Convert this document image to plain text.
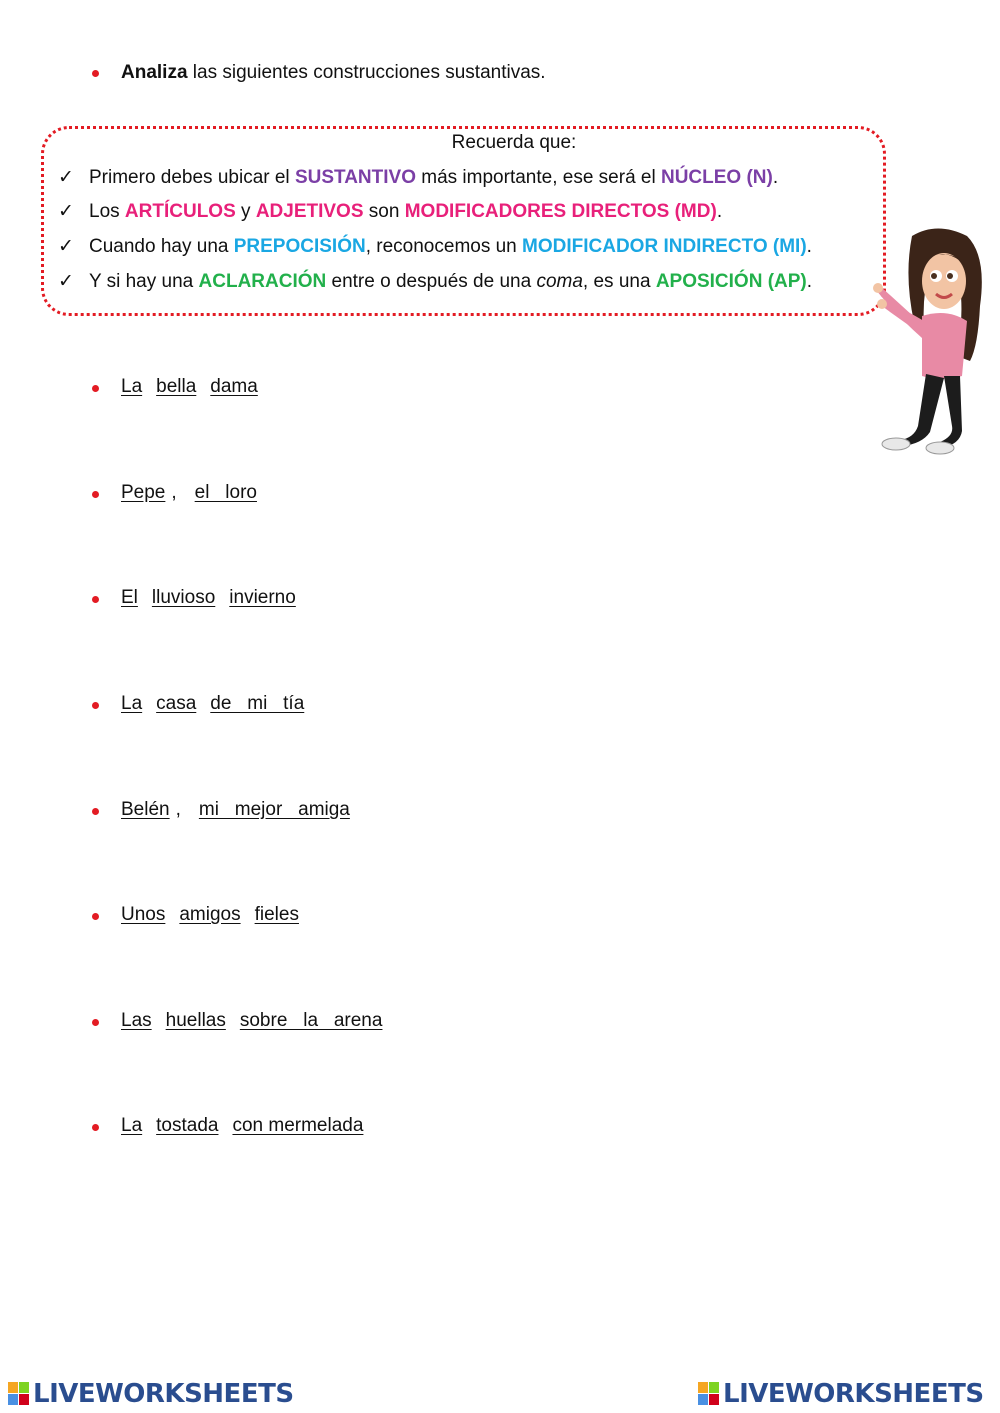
Analiza las siguientes construcciones sustantivas.
Recuerda que:
✓ Primero debes ubicar el SUSTANTIVO más importante, ese será el NÚCLEO (N).
✓ Los ARTÍCULOS y ADJETIVOS son MODIFICADORES DIRECTOS (MD).
✓ Cuando hay una PREPOCISIÓN, reconocemos un MODIFICADOR INDIRECTO (MI).
✓ Y si hay una ACLARACIÓN entre o después de una coma, es una APOSICIÓN (AP).
La bella dama
Pepe , el   loro
El lluvioso invierno
La casa de   mi   tía
Belén , mi   mejor   amiga
Unos amigos fieles
Las huellas sobre   la   arena
La tostada con mermelada
LIVEWORKSHEETS	LIVEWORKSHEETS
